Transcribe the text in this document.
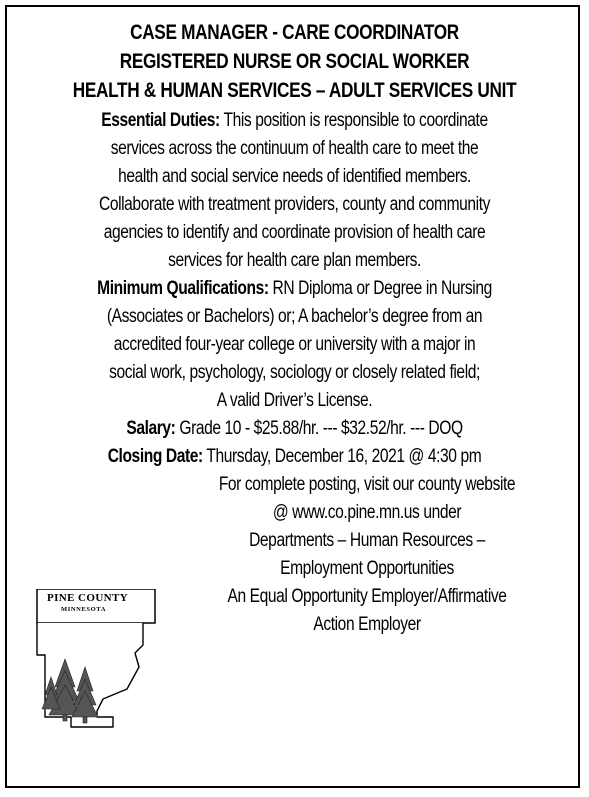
CASE MANAGER - CARE COORDINATOR
REGISTERED NURSE OR SOCIAL WORKER
HEALTH & HUMAN SERVICES – ADULT SERVICES UNIT
Essential Duties: This position is responsible to coordinate
services across the continuum of health care to meet the
health and social service needs of identified members.
Collaborate with treatment providers, county and community
agencies to identify and coordinate provision of health care
services for health care plan members.
Minimum Qualifications: RN Diploma or Degree in Nursing
(Associates or Bachelors) or; A bachelor’s degree from an
accredited four-year college or university with a major in
social work, psychology, sociology or closely related field;
A valid Driver’s License.
Salary: Grade 10 - $25.88/hr. --- $32.52/hr. --- DOQ
Closing Date: Thursday, December 16, 2021 @ 4:30 pm
For complete posting, visit our county website
@ www.co.pine.mn.us under
Departments – Human Resources –
Employment Opportunities
An Equal Opportunity Employer/Affirmative
Action Employer
PINE COUNTY
MINNESOTA
